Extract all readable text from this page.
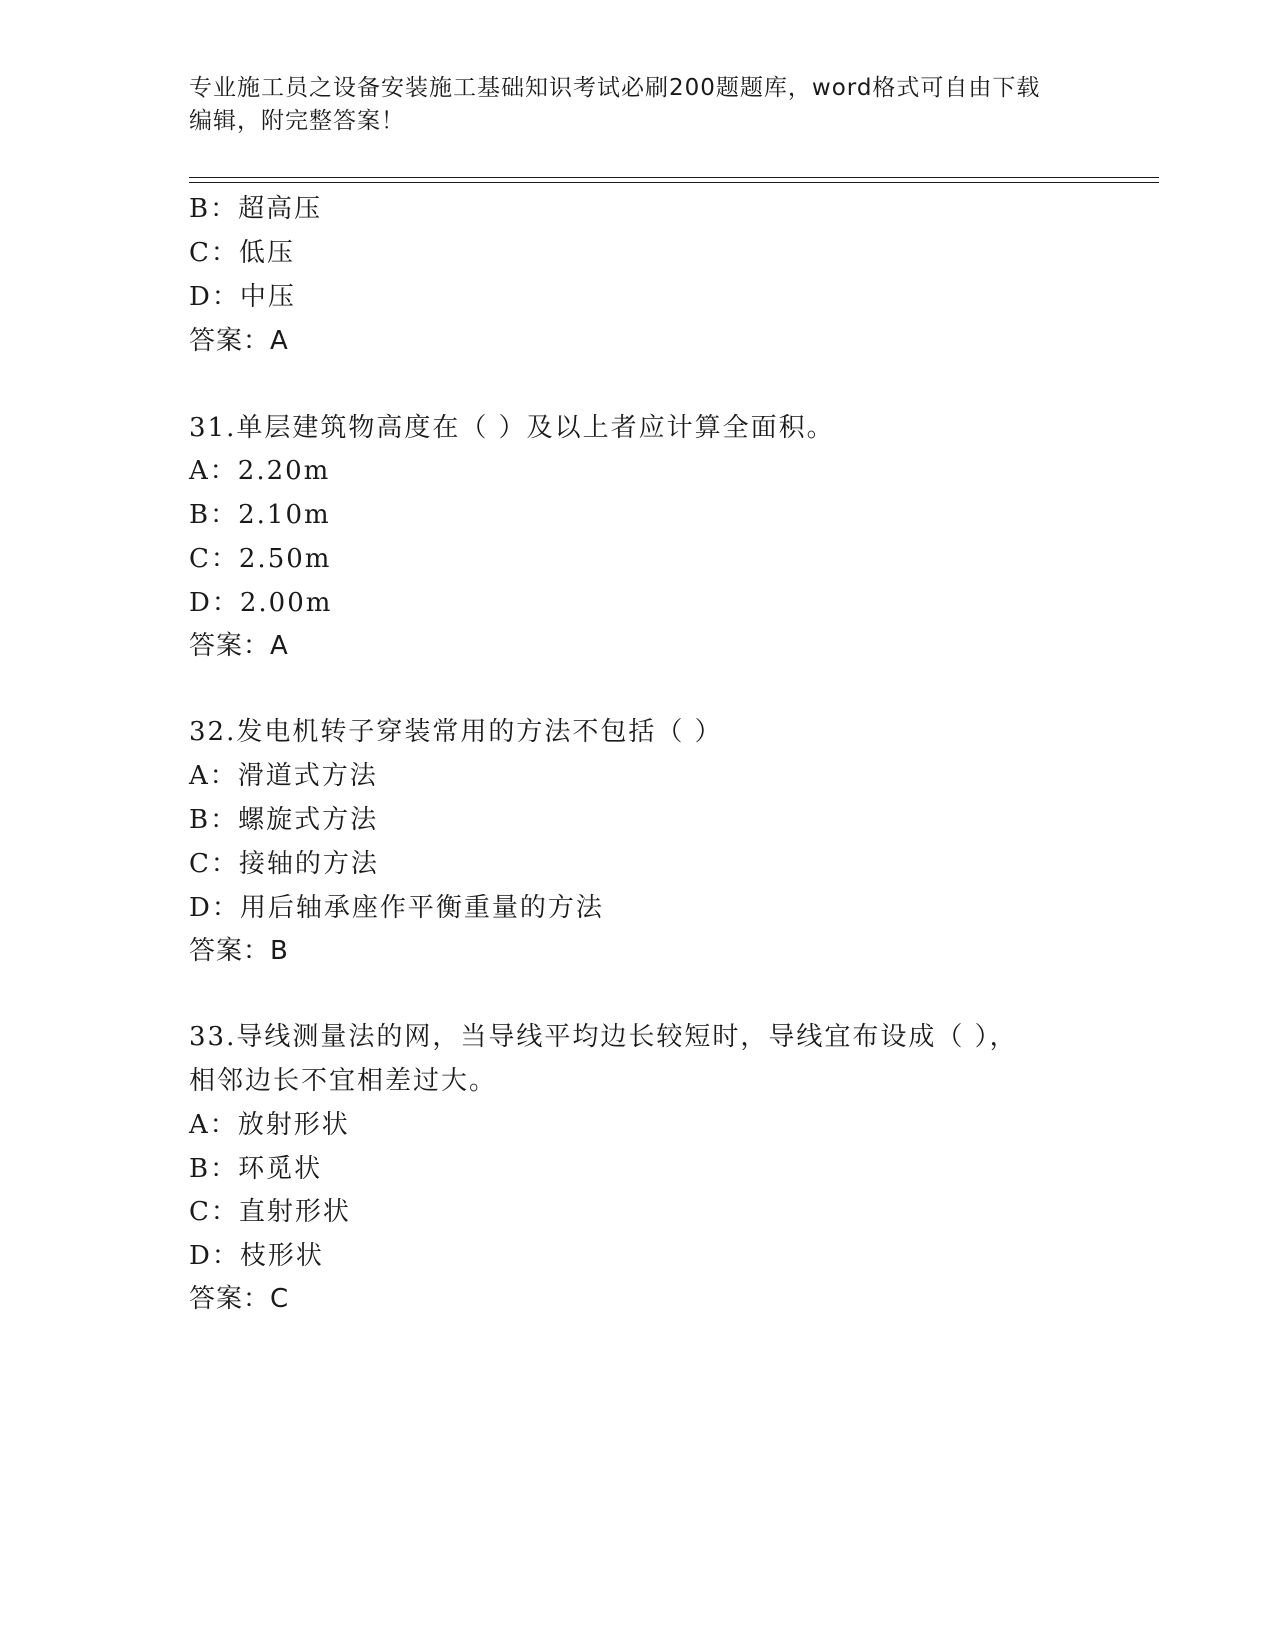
专业施工员之设备安装施工基础知识考试必刷200题题库，word格式可自由下载
编辑，附完整答案！
B：超高压
C：低压
D：中压
答案：A
31.单层建筑物高度在（ ）及以上者应计算全面积。
A：2.20m
B：2.10m
C：2.50m
D：2.00m
答案：A
32.发电机转子穿装常用的方法不包括（ ）
A：滑道式方法
B：螺旋式方法
C：接轴的方法
D：用后轴承座作平衡重量的方法
答案：B
33.导线测量法的网，当导线平均边长较短时，导线宜布设成（ ），
相邻边长不宜相差过大。
A：放射形状
B：环觅状
C：直射形状
D：枝形状
答案：C
